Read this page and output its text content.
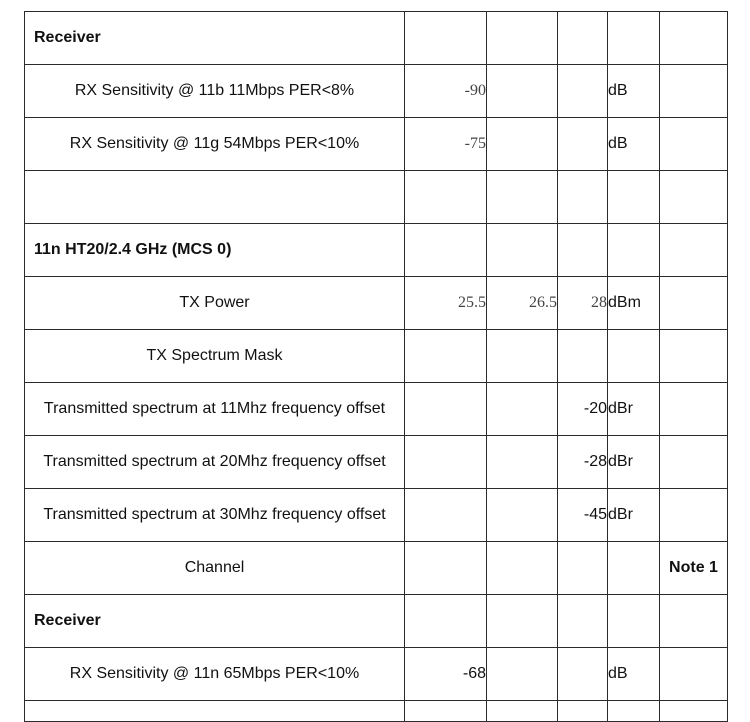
Receiver					
RX Sensitivity @ 11b 11Mbps PER<8%	-90			dB	
RX Sensitivity @ 11g 54Mbps PER<10%	-75			dB	

11n HT20/2.4 GHz (MCS 0)					
TX Power	25.5	26.5	28	dBm	
TX Spectrum Mask					
Transmitted spectrum at 11Mhz frequency offset			-20	dBr	
Transmitted spectrum at 20Mhz frequency offset			-28	dBr	
Transmitted spectrum at 30Mhz frequency offset			-45	dBr	
Channel					Note 1
Receiver					
RX Sensitivity @ 11n 65Mbps PER<10%	-68			dB	
